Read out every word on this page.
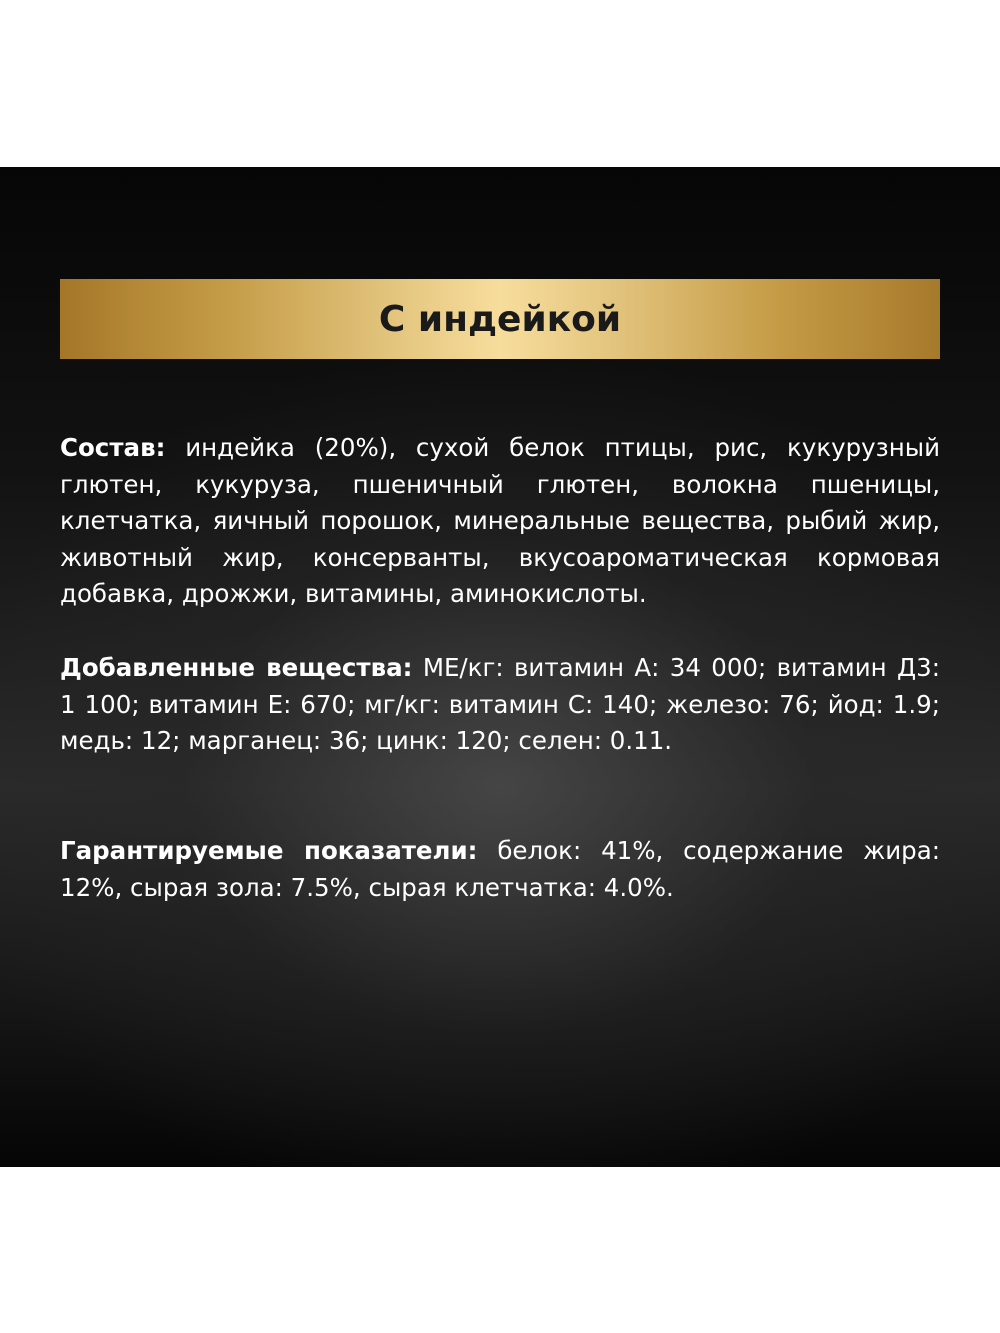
С индейкой
Состав: индейка (20%), сухой белок птицы, рис, кукурузный глютен, кукуруза, пшеничный глютен, волокна пшеницы, клетчатка, яичный порошок, минеральные вещества, рыбий жир, животный жир, консерванты, вкусоароматическая кормовая добавка, дрожжи, витамины, аминокислоты.
Добавленные вещества: МЕ/кг: витамин А: 34 000; витамин Д3: 1 100; витамин Е: 670; мг/кг: витамин С: 140; железо: 76; йод: 1.9; медь: 12; марганец: 36; цинк: 120; селен: 0.11.
Гарантируемые показатели: белок: 41%, содержание жира: 12%, сырая зола: 7.5%, сырая клетчатка: 4.0%.
